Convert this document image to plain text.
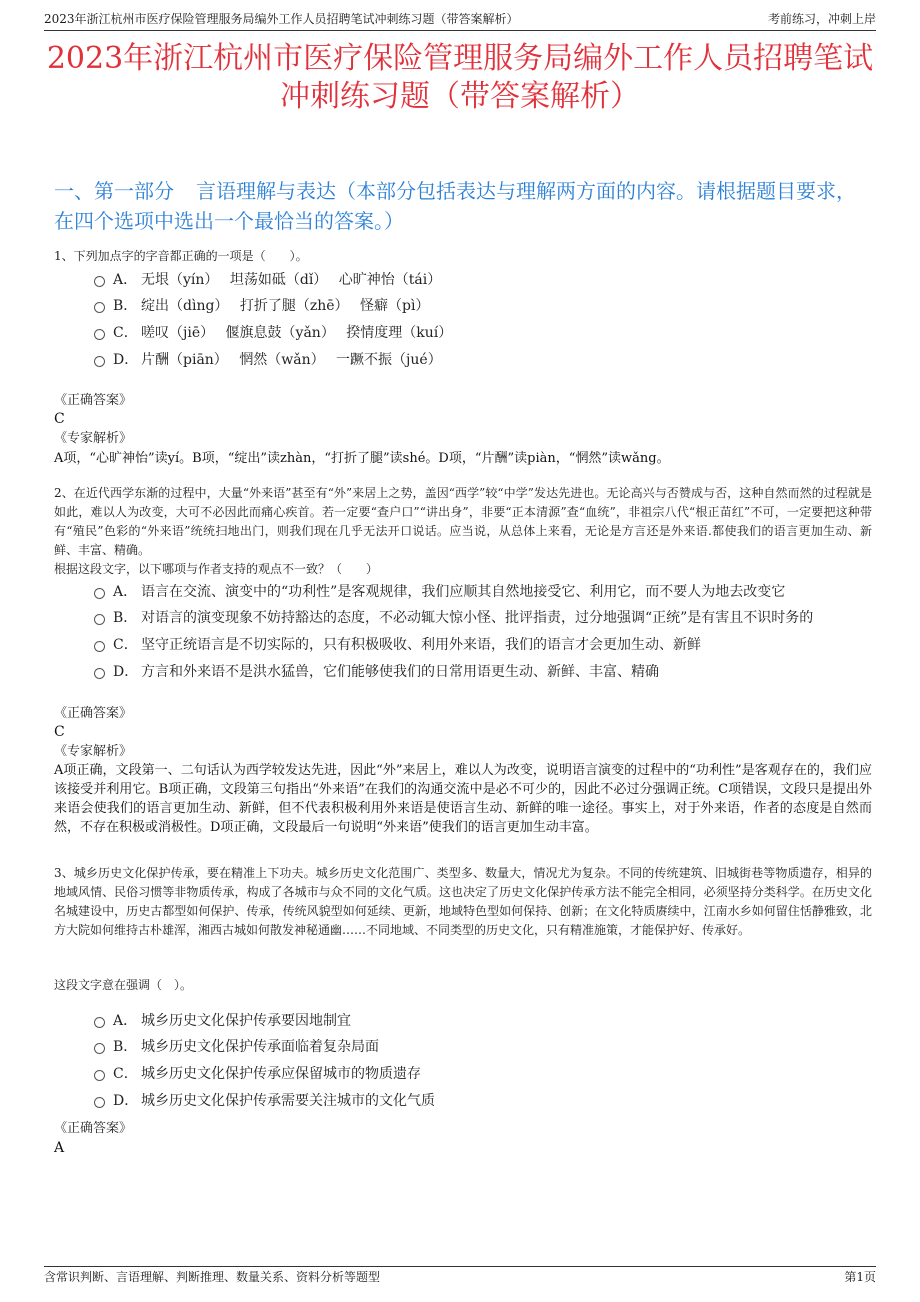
2023年浙江杭州市医疗保险管理服务局编外工作人员招聘笔试冲刺练习题（带答案解析）	考前练习，冲刺上岸
2023年浙江杭州市医疗保险管理服务局编外工作人员招聘笔试
冲刺练习题（带答案解析）
一、第一部分 言语理解与表达（本部分包括表达与理解两方面的内容。请根据题目要求，在四个选项中选出一个最恰当的答案。）
1、下列加点字的字音都正确的一项是（　　）。
A． 无垠（yín）　 坦荡如砥（dǐ）　 心旷神怡（tái）
B． 绽出（dìng）　 打折了腿（zhē）　 怪癖（pì）
C． 嗟叹（jiē）　 偃旗息鼓（yǎn）　 揆情度理（kuí）
D． 片酬（piān）　 惘然（wǎn）　 一蹶不振（jué）
《正确答案》
C
《专家解析》
A项，“心旷神怡”读yí。B项，“绽出”读zhàn，“打折了腿”读shé。D项，“片酬”读piàn，“惘然”读wǎng。
2、在近代西学东渐的过程中，大量“外来语”甚至有“外”来居上之势，盖因“西学”较“中学”发达先进也。无论高兴与否赞成与否，这种自然而然的过程就是如此，难以人为改变，大可不必因此而痛心疾首。若一定要“查户口”“讲出身”，非要“正本清源”查“血统”，非祖宗八代“根正苗红”不可，一定要把这种带有“殖民”色彩的“外来语”统统扫地出门，则我们现在几乎无法开口说话。应当说，从总体上来看，无论是方言还是外来语.都使我们的语言更加生动、新鲜、丰富、精确。
根据这段文字，以下哪项与作者支持的观点不一致？（　　）
A． 语言在交流、演变中的“功利性”是客观规律，我们应顺其自然地接受它、利用它，而不要人为地去改变它
B． 对语言的演变现象不妨持豁达的态度，不必动辄大惊小怪、批评指责，过分地强调“正统”是有害且不识时务的
C． 坚守正统语言是不切实际的，只有积极吸收、利用外来语，我们的语言才会更加生动、新鲜
D． 方言和外来语不是洪水猛兽，它们能够使我们的日常用语更生动、新鲜、丰富、精确
《正确答案》
C
《专家解析》
A项正确，文段第一、二句话认为西学较发达先进，因此“外”来居上，难以人为改变，说明语言演变的过程中的“功利性”是客观存在的，我们应该接受并利用它。B项正确，文段第三句指出“外来语”在我们的沟通交流中是必不可少的，因此不必过分强调正统。C项错误，文段只是提出外来语会使我们的语言更加生动、新鲜，但不代表积极利用外来语是使语言生动、新鲜的唯一途径。事实上，对于外来语，作者的态度是自然而然，不存在积极或消极性。D项正确，文段最后一句说明“外来语”使我们的语言更加生动丰富。
3、城乡历史文化保护传承，要在精准上下功夫。城乡历史文化范围广、类型多、数量大，情况尤为复杂。不同的传统建筑、旧城街巷等物质遗存，相异的地域风情、民俗习惯等非物质传承，构成了各城市与众不同的文化气质。这也决定了历史文化保护传承方法不能完全相同，必须坚持分类科学。在历史文化名城建设中，历史古都型如何保护、传承，传统风貌型如何延续、更新，地域特色型如何保持、创新；在文化特质赓续中，江南水乡如何留住恬静雅致，北方大院如何维持古朴雄浑，湘西古城如何散发神秘通幽……不同地域、不同类型的历史文化，只有精准施策，才能保护好、传承好。
这段文字意在强调（　）。
A． 城乡历史文化保护传承要因地制宜
B． 城乡历史文化保护传承面临着复杂局面
C． 城乡历史文化保护传承应保留城市的物质遗存
D． 城乡历史文化保护传承需要关注城市的文化气质
《正确答案》
A
含常识判断、言语理解、判断推理、数量关系、资料分析等题型	第1页
